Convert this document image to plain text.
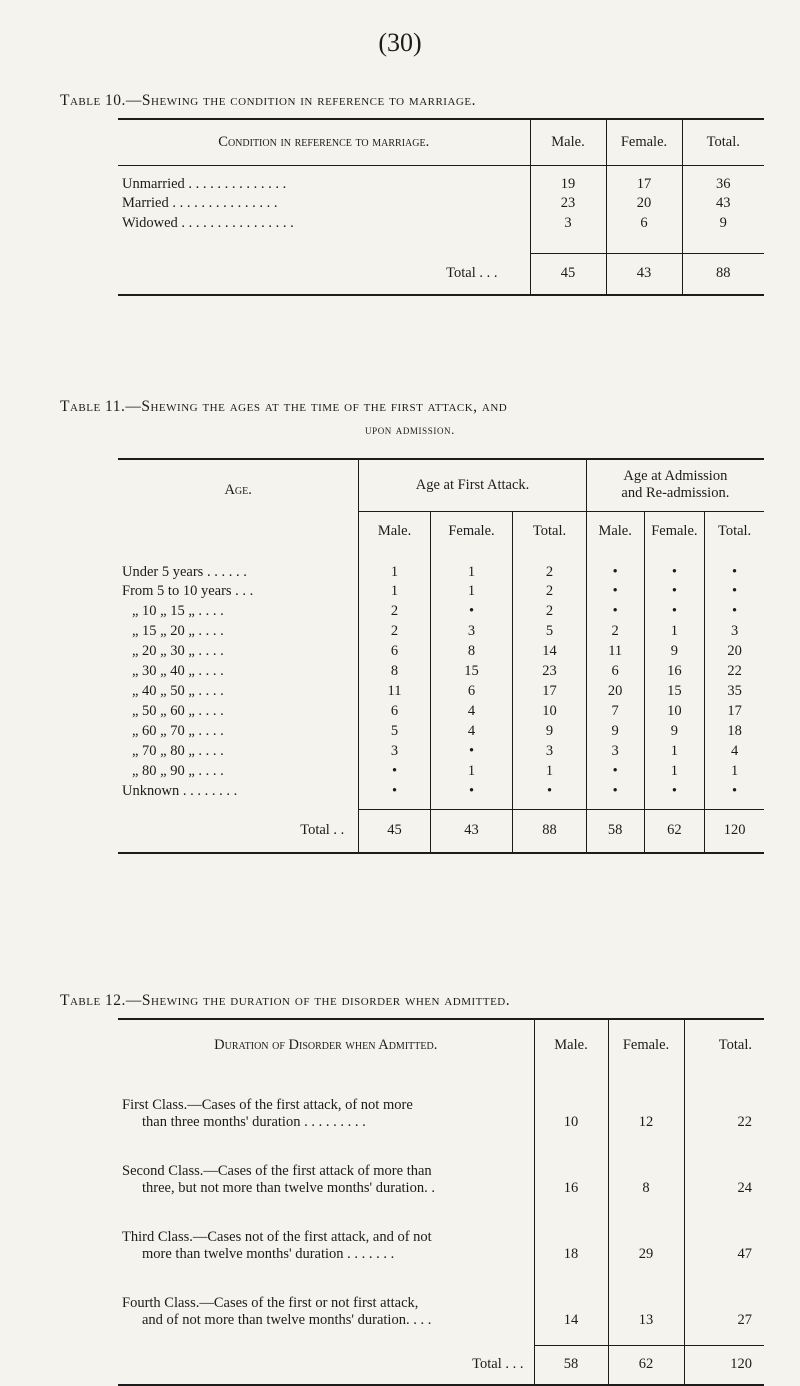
(30)
Table 10.—Shewing the condition in reference to marriage.
Condition in reference to marriage.	Male.	Female.	Total.

Unmarried . . . . . . . . . . . . . .	19	17	36
Married . . . . . . . . . . . . . . .	23	20	43
Widowed . . . . . . . . . . . . . . . .	3	6	9

Total . . .	45	43	88
Table 11.—Shewing the ages at the time of the first attack, and
upon admission.
Age.	Age at First Attack.			Age at Admission and Re-admission.		
	Male.	Female.	Total.	Male.	Female.	Total.
Under 5 years . . . . . .	1	1	2	•	•	•
From 5 to 10 years . . .	1	1	2	•	•	•
„ 10 „ 15 „ . . . .	2	•	2	•	•	•
„ 15 „ 20 „ . . . .	2	3	5	2	1	3
„ 20 „ 30 „ . . . .	6	8	14	11	9	20
„ 30 „ 40 „ . . . .	8	15	23	6	16	22
„ 40 „ 50 „ . . . .	11	6	17	20	15	35
„ 50 „ 60 „ . . . .	6	4	10	7	10	17
„ 60 „ 70 „ . . . .	5	4	9	9	9	18
„ 70 „ 80 „ . . . .	3	•	3	3	1	4
„ 80 „ 90 „ . . . .	•	1	1	•	1	1
Unknown . . . . . . . .	•	•	•	•	•	•

Total . .	45	43	88	58	62	120
Table 12.—Shewing the duration of the disorder when admitted.
Duration of Disorder when Admitted.	Male.	Female.	Total.

First Class.—Cases of the first attack, of not more
than three months' duration . . . . . . . . .	10	12	22

Second Class.—Cases of the first attack of more than
three, but not more than twelve months' duration. .	16	8	24

Third Class.—Cases not of the first attack, and of not
more than twelve months' duration . . . . . . .	18	29	47

Fourth Class.—Cases of the first or not first attack,
and of not more than twelve months' duration. . . .	14	13	27

Total . . .	58	62	120
